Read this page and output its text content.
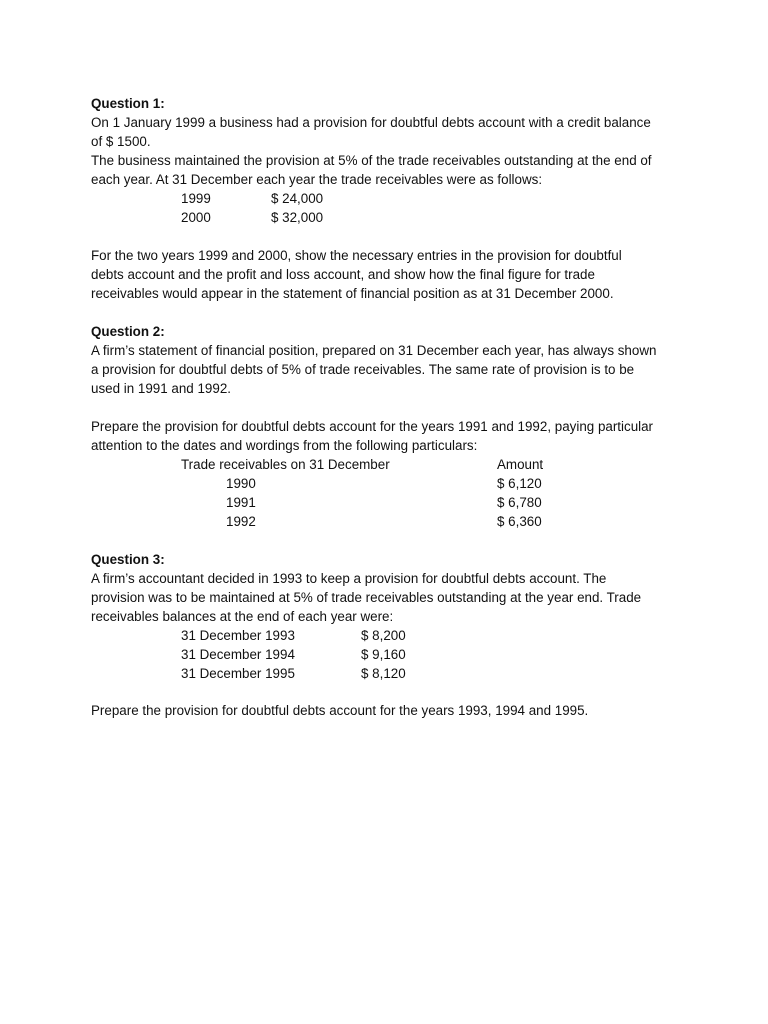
Question 1:
On 1 January 1999 a business had a provision for doubtful debts account with a credit balance
of $ 1500.
The business maintained the provision at 5% of the trade receivables outstanding at the end of
each year. At 31 December each year the trade receivables were as follows:
1999	$ 24,000
2000	$ 32,000
For the two years 1999 and 2000, show the necessary entries in the provision for doubtful
debts account and the profit and loss account, and show how the final figure for trade
receivables would appear in the statement of financial position as at 31 December 2000.
Question 2:
A firm’s statement of financial position, prepared on 31 December each year, has always shown
a provision for doubtful debts of 5% of trade receivables. The same rate of provision is to be
used in 1991 and 1992.
Prepare the provision for doubtful debts account for the years 1991 and 1992, paying particular
attention to the dates and wordings from the following particulars:
Trade receivables on 31 December	Amount
1990	$ 6,120
1991	$ 6,780
1992	$ 6,360
Question 3:
A firm’s accountant decided in 1993 to keep a provision for doubtful debts account. The
provision was to be maintained at 5% of trade receivables outstanding at the year end. Trade
receivables balances at the end of each year were:
31 December 1993	$ 8,200
31 December 1994	$ 9,160
31 December 1995	$ 8,120
Prepare the provision for doubtful debts account for the years 1993, 1994 and 1995.
